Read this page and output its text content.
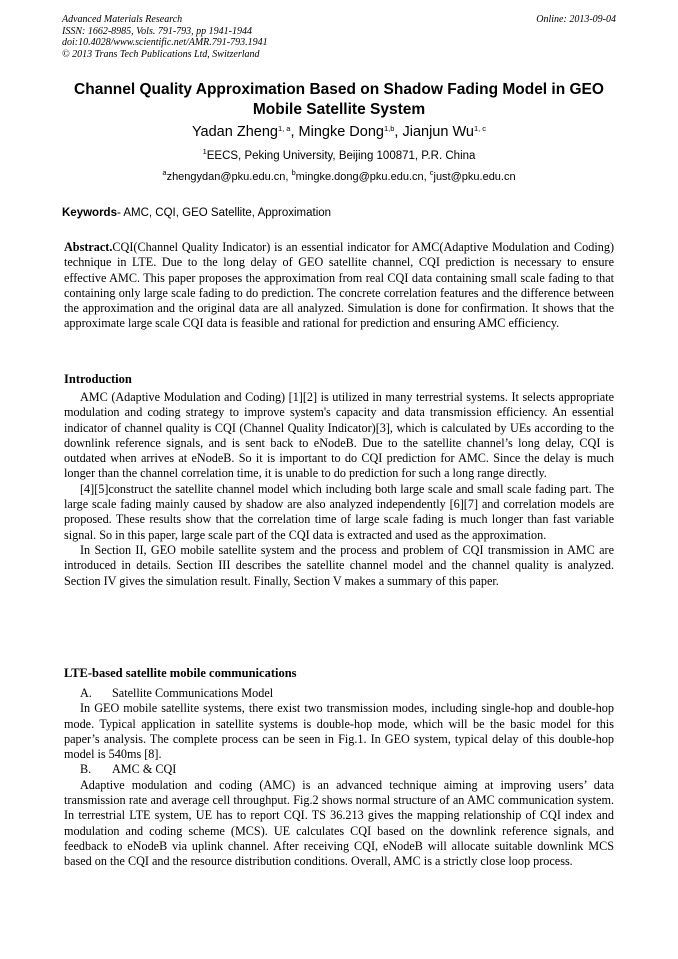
Advanced Materials Research
ISSN: 1662-8985, Vols. 791-793, pp 1941-1944
doi:10.4028/www.scientific.net/AMR.791-793.1941
© 2013 Trans Tech Publications Ltd, Switzerland
Online: 2013-09-04
Channel Quality Approximation Based on Shadow Fading Model in GEO Mobile Satellite System
Yadan Zheng$^{1, a}$, Mingke Dong$^{1,b}$, Jianjun Wu$^{1, c}$
$^1$EECS, Peking University, Beijing 100871, P.R. China
$^a$zhengydan@pku.edu.cn, $^b$mingke.dong@pku.edu.cn, $^c$just@pku.edu.cn
Keywords- AMC, CQI, GEO Satellite, Approximation

Abstract.CQI(Channel Quality Indicator) is an essential indicator for AMC(Adaptive Modulation and Coding) technique in LTE. Due to the long delay of GEO satellite channel, CQI prediction is necessary to ensure effective AMC. This paper proposes the approximation from real CQI data containing small scale fading to that containing only large scale fading to do prediction. The concrete correlation features and the difference between the approximation and the original data are all analyzed. Simulation is done for confirmation. It shows that the approximate large scale CQI data is feasible and rational for prediction and ensuring AMC efficiency.

Introduction

AMC (Adaptive Modulation and Coding) [1][2] is utilized in many terrestrial systems. It selects appropriate modulation and coding strategy to improve system's capacity and data transmission efficiency. An essential indicator of channel quality is CQI (Channel Quality Indicator)[3], which is calculated by UEs according to the downlink reference signals, and is sent back to eNodeB. Due to the satellite channel’s long delay, CQI is outdated when arrives at eNodeB. So it is important to do CQI prediction for AMC. Since the delay is much longer than the channel correlation time, it is unable to do prediction for such a long range directly.

[4][5]construct the satellite channel model which including both large scale and small scale fading part. The large scale fading mainly caused by shadow are also analyzed independently [6][7] and correlation models are proposed. These results show that the correlation time of large scale fading is much longer than fast variable signal. So in this paper, large scale part of the CQI data is extracted and used as the approximation.

In Section II, GEO mobile satellite system and the process and problem of CQI transmission in AMC are introduced in details. Section III describes the satellite channel model and the channel quality is analyzed. Section IV gives the simulation result. Finally, Section V makes a summary of this paper.

LTE-based satellite mobile communications

A. Satellite Communications Model

In GEO mobile satellite systems, there exist two transmission modes, including single-hop and double-hop mode. Typical application in satellite systems is double-hop mode, which will be the basic model for this paper’s analysis. The complete process can be seen in Fig.1. In GEO system, typical delay of this double-hop model is 540ms [8].

B. AMC & CQI

Adaptive modulation and coding (AMC) is an advanced technique aiming at improving users’ data transmission rate and average cell throughput. Fig.2 shows normal structure of an AMC communication system. In terrestrial LTE system, UE has to report CQI. TS 36.213 gives the mapping relationship of CQI index and modulation and coding scheme (MCS). UE calculates CQI based on the downlink reference signals, and feedback to eNodeB via uplink channel. After receiving CQI, eNodeB will allocate suitable downlink MCS based on the CQI and the resource distribution conditions. Overall, AMC is a strictly close loop process.
